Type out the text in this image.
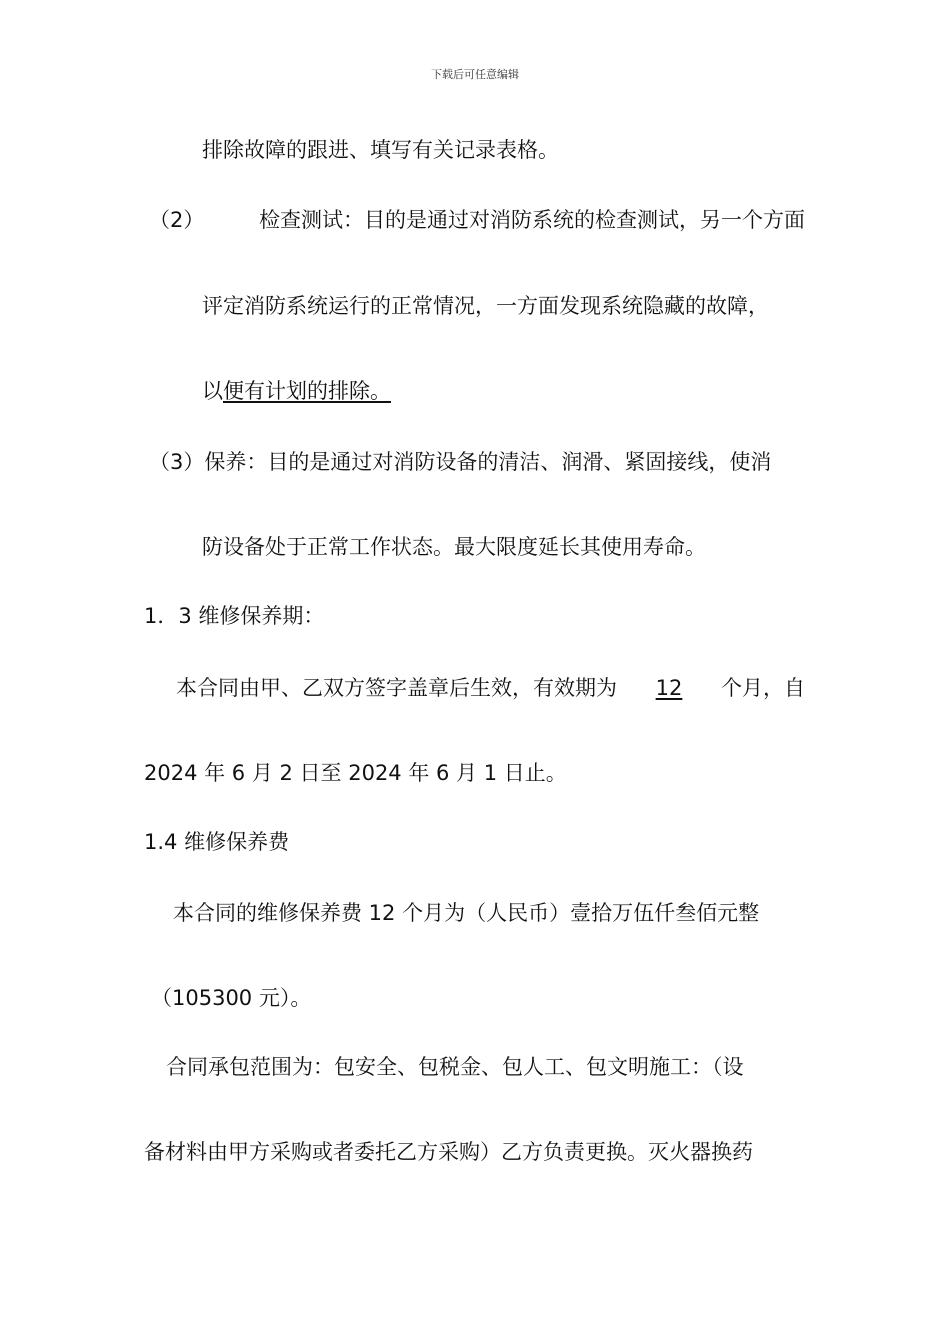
下载后可任意编辑
排除故障的跟进、填写有关记录表格。
（2）	检查测试：目的是通过对消防系统的检查测试，另一个方面
评定消防系统运行的正常情况，一方面发现系统隐藏的故障，
以便有计划的排除。
（3）保养：目的是通过对消防设备的清洁、润滑、紧固接线，使消
防设备处于正常工作状态。最大限度延长其使用寿命。
1．3 维修保养期：
本合同由甲、乙双方签字盖章后生效，有效期为 12 个月，自
2024 年 6 月 2 日至 2024 年 6 月 1 日止。
1.4 维修保养费
本合同的维修保养费 12 个月为（人民币）壹拾万伍仟叁佰元整
（105300 元）。
合同承包范围为：包安全、包税金、包人工、包文明施工：（设
备材料由甲方采购或者委托乙方采购）乙方负责更换。灭火器换药
